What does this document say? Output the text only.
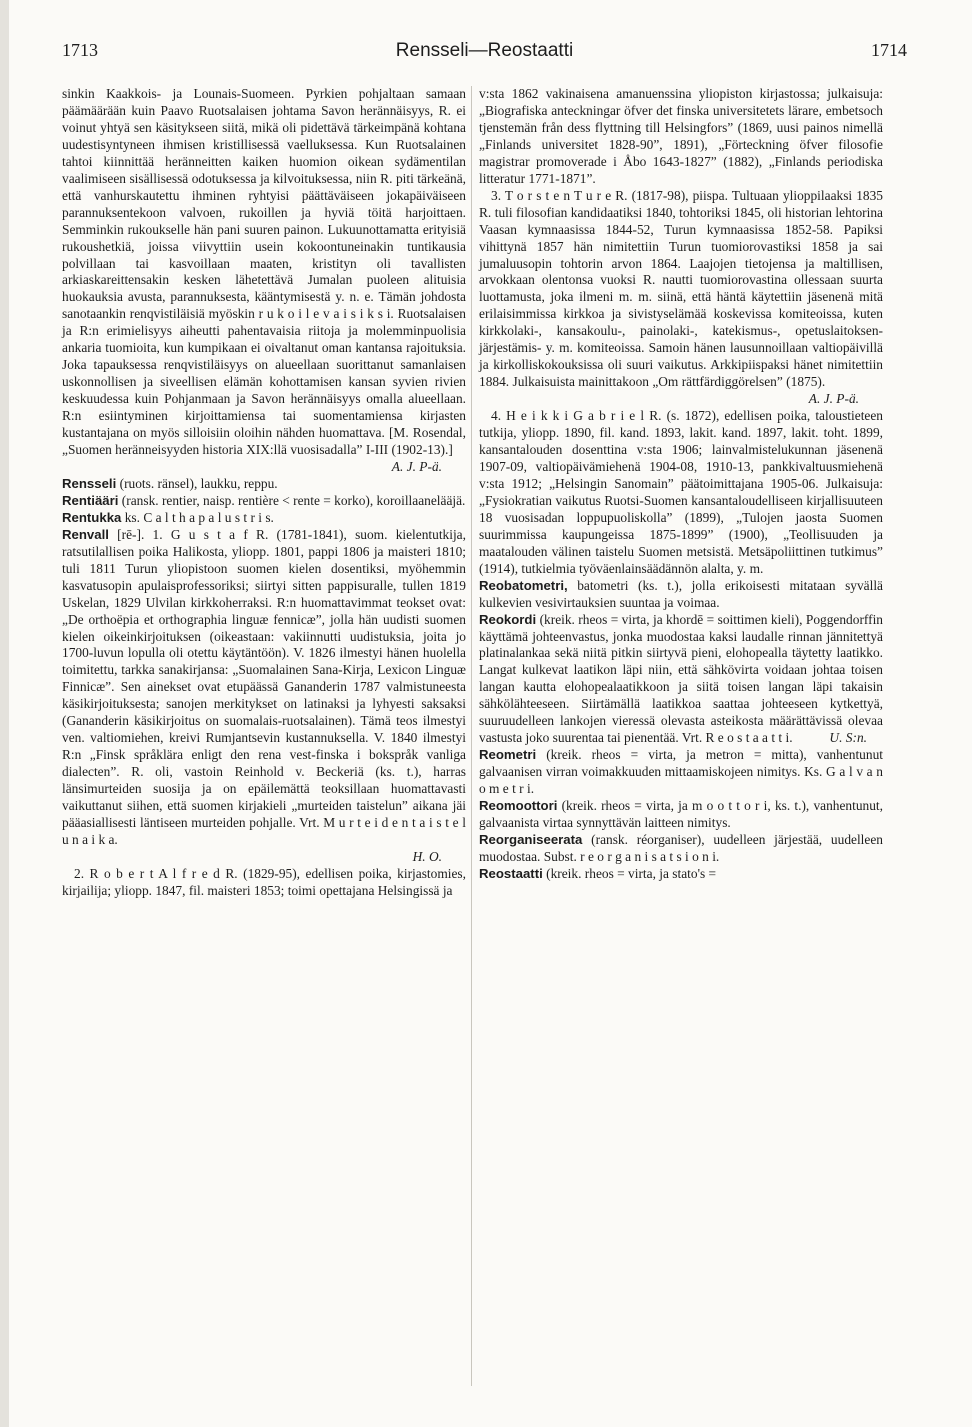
1713	Rensseli—Reostaatti	1714

sinkin Kaakkois- ja Lounais-Suomeen. Pyrkien pohjaltaan samaan päämäärään kuin Paavo Ruotsalaisen johtama Savon herännäisyys, R. ei voinut yhtyä sen käsitykseen siitä, mikä oli pidettävä tärkeimpänä kohtana uudestisyntyneen ihmisen kristillisessä vaelluksessa. Kun Ruotsalainen tahtoi kiinnittää heränneitten kaiken huomion oikean sydämentilan vaalimiseen sisällisessä odotuksessa ja kilvoituksessa, niin R. piti tärkeänä, että vanhurskautettu ihminen ryhtyisi päättäväiseen jokapäiväiseen parannuksentekoon valvoen, rukoillen ja hyviä töitä harjoittaen. Semminkin rukoukselle hän pani suuren painon. Lukuunottamatta erityisiä rukoushetkiä, joissa viivyttiin usein kokoontuneinakin tuntikausia polvillaan tai kasvoillaan maaten, kristityn oli tavallisten arkiaskareittensakin kesken lähetettävä Jumalan puoleen alituisia huokauksia avusta, parannuksesta, kääntymisestä y. n. e. Tämän johdosta sanotaankin renqvistiläisiä myöskin r u k o i l e v a i s i k s i. Ruotsalaisen ja R:n erimielisyys aiheutti pahentavaisia riitoja ja molemminpuolisia ankaria tuomioita, kun kumpikaan ei oivaltanut oman kantansa rajoituksia. Joka tapauksessa renqvistiläisyys on alueellaan suorittanut samanlaisen uskonnollisen ja siveellisen elämän kohottamisen kansan syvien rivien keskuudessa kuin Pohjanmaan ja Savon herännäisyys omalla alueellaan. R:n esiintyminen kirjoittamiensa tai suomentamiensa kirjasten kustantajana on myös silloisiin oloihin nähden huomattava. [M. Rosendal, „Suomen heränneisyyden historia XIX:llä vuosisadalla” I-III (1902-13).]

A. J. P-ä.

Rensseli (ruots. ränsel), laukku, reppu.

Rentiääri (ransk. rentier, naisp. rentière < rente = korko), koroillaanelääjä.

Rentukka ks. C a l t h a p a l u s t r i s.

Renvall [rē-]. 1. G u s t a f R. (1781-1841), suom. kielentutkija, ratsutilallisen poika Halikosta, yliopp. 1801, pappi 1806 ja maisteri 1810; tuli 1811 Turun yliopistoon suomen kielen dosentiksi, myöhemmin kasvatusopin apulaisprofessoriksi; siirtyi sitten pappisuralle, tullen 1819 Uskelan, 1829 Ulvilan kirkkoherraksi. R:n huomattavimmat teokset ovat: „De orthoëpia et orthographia linguæ fennicæ”, jolla hän uudisti suomen kielen oikeinkirjoituksen (oikeastaan: vakiinnutti uudistuksia, joita jo 1700-luvun lopulla oli otettu käytäntöön). V. 1826 ilmestyi hänen huolella toimitettu, tarkka sanakirjansa: „Suomalainen Sana-Kirja, Lexicon Linguæ Finnicæ”. Sen ainekset ovat etupäässä Gananderin 1787 valmistuneesta käsikirjoituksesta; sanojen merkitykset on latinaksi ja lyhyesti saksaksi (Gananderin käsikirjoitus on suomalais-ruotsalainen). Tämä teos ilmestyi ven. valtiomiehen, kreivi Rumjantsevin kustannuksella. V. 1840 ilmestyi R:n „Finsk språklära enligt den rena vest-finska i bokspråk vanliga dialecten”. R. oli, vastoin Reinhold v. Beckeriä (ks. t.), harras länsimurteiden suosija ja on epäilemättä teoksillaan huomattavasti vaikuttanut siihen, että suomen kirjakieli „murteiden taistelun” aikana jäi pääasiallisesti läntiseen murteiden pohjalle. Vrt. M u r t e i d e n t a i s t e l u n a i k a.

H. O.

2. R o b e r t A l f r e d R. (1829-95), edellisen poika, kirjastomies, kirjailija; yliopp. 1847, fil. maisteri 1853; toimi opettajana Helsingissä ja

v:sta 1862 vakinaisena amanuenssina yliopiston kirjastossa; julkaisuja: „Biografiska anteckningar öfver det finska universitetets lärare, embetsoch tjenstemän från dess flyttning till Helsingfors” (1869, uusi painos nimellä „Finlands universitet 1828-90”, 1891), „Förteckning öfver filosofie magistrar promoverade i Åbo 1643-1827” (1882), „Finlands periodiska litteratur 1771-1871”.

3. T o r s t e n T u r e R. (1817-98), piispa. Tultuaan ylioppilaaksi 1835 R. tuli filosofian kandidaatiksi 1840, tohtoriksi 1845, oli historian lehtorina Vaasan kymnaasissa 1844-52, Turun kymnaasissa 1852-58. Papiksi vihittynä 1857 hän nimitettiin Turun tuomiorovastiksi 1858 ja sai jumaluusopin tohtorin arvon 1864. Laajojen tietojensa ja maltillisen, arvokkaan olentonsa vuoksi R. nautti tuomiorovastina ollessaan suurta luottamusta, joka ilmeni m. m. siinä, että häntä käytettiin jäsenenä mitä erilaisimmissa kirkkoa ja sivistyselämää koskevissa komiteoissa, kuten kirkkolaki-, kansakoulu-, painolaki-, katekismus-, opetuslaitoksen-järjestämis- y. m. komiteoissa. Samoin hänen lausunnoillaan valtiopäivillä ja kirkolliskokouksissa oli suuri vaikutus. Arkkipiispaksi hänet nimitettiin 1884. Julkaisuista mainittakoon „Om rättfärdiggörelsen” (1875).

A. J. P-ä.

4. H e i k k i G a b r i e l R. (s. 1872), edellisen poika, taloustieteen tutkija, yliopp. 1890, fil. kand. 1893, lakit. kand. 1897, lakit. toht. 1899, kansantalouden dosenttina v:sta 1906; lainvalmistelukunnan jäsenenä 1907-09, valtiopäivämiehenä 1904-08, 1910-13, pankkivaltuusmiehenä v:sta 1912; „Helsingin Sanomain” päätoimittajana 1905-06. Julkaisuja: „Fysiokratian vaikutus Ruotsi-Suomen kansantaloudelliseen kirjallisuuteen 18 vuosisadan loppupuoliskolla” (1899), „Tulojen jaosta Suomen suurimmissa kaupungeissa 1875-1899” (1900), „Teollisuuden ja maatalouden välinen taistelu Suomen metsistä. Metsäpoliittinen tutkimus” (1914), tutkielmia työväenlainsäädännön alalta, y. m.

Reobatometri, batometri (ks. t.), jolla erikoisesti mitataan syvällä kulkevien vesivirtauksien suuntaa ja voimaa.

Reokordi (kreik. rheos = virta, ja khordē = soittimen kieli), Poggendorffin käyttämä johteenvastus, jonka muodostaa kaksi laudalle rinnan jännitettyä platinalankaa sekä niitä pitkin siirtyvä pieni, elohopealla täytetty laatikko. Langat kulkevat laatikon läpi niin, että sähkövirta voidaan johtaa toisen langan kautta elohopealaatikkoon ja siitä toisen langan läpi takaisin sähkölähteeseen. Siirtämällä laatikkoa saattaa johteeseen kytkettyä, suuruudelleen lankojen vieressä olevasta asteikosta määrättävissä olevaa vastusta joko suurentaa tai pienentää. Vrt. R e o s t a a t t i.	U. S:n.

Reometri (kreik. rheos = virta, ja metron = mitta), vanhentunut galvaanisen virran voimakkuuden mittaamiskojeen nimitys. Ks. G a l v a n o m e t r i.

Reomoottori (kreik. rheos = virta, ja m o o t t o r i, ks. t.), vanhentunut, galvaanista virtaa synnyttävän laitteen nimitys.

Reorganiseerata (ransk. réorganiser), uudelleen järjestää, uudelleen muodostaa. Subst. r e o r g a n i s a t s i o n i.

Reostaatti (kreik. rheos = virta, ja stato's =
